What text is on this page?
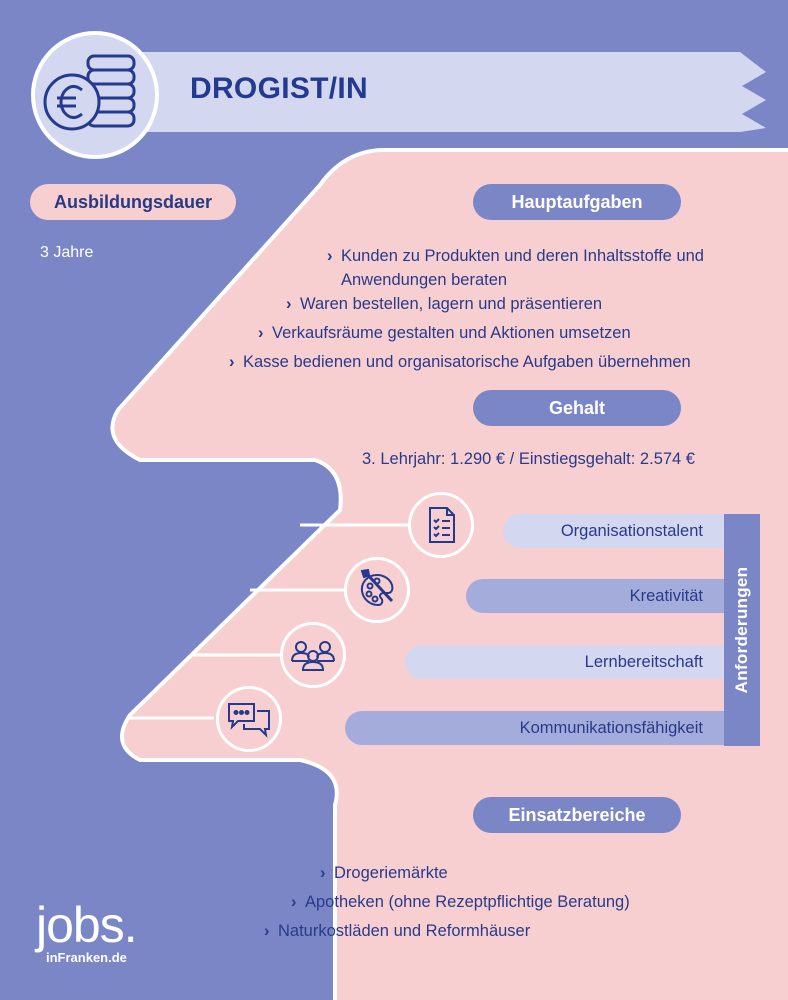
DROGIST/IN
Ausbildungsdauer
3 Jahre
Hauptaufgaben
› Kunden zu Produkten und deren Inhaltsstoffe und
Anwendungen beraten
› Waren bestellen, lagern und präsentieren
› Verkaufsräume gestalten und Aktionen umsetzen
› Kasse bedienen und organisatorische Aufgaben übernehmen
Gehalt
3. Lehrjahr: 1.290 € / Einstiegsgehalt: 2.574 €
Organisationstalent
Kreativität
Lernbereitschaft
Kommunikationsfähigkeit
Anforderungen
Einsatzbereiche
› Drogeriemärkte
› Apotheken (ohne Rezeptpflichtige Beratung)
› Naturkostläden und Reformhäuser
jobs.
inFranken.de
